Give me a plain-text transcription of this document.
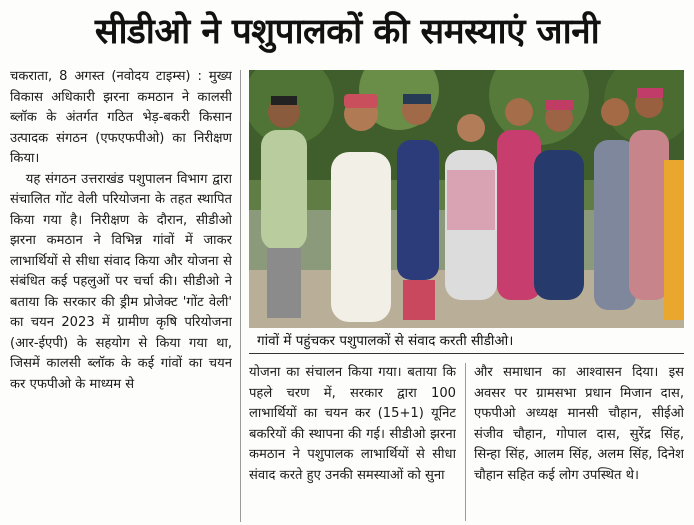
सीडीओ ने पशुपालकों की समस्याएं जानी

चकराता, 8 अगस्त (नवोदय टाइम्स) : मुख्य विकास अधिकारी झरना कमठान ने कालसी ब्लॉक के अंतर्गत गठित भेड़-बकरी किसान उत्पादक संगठन (एफएफपीओ) का निरीक्षण किया।

यह संगठन उत्तराखंड पशुपालन विभाग द्वारा संचालित गोंट वेली परियोजना के तहत स्थापित किया गया है। निरीक्षण के दौरान, सीडीओ झरना कमठान ने विभिन्न गांवों में जाकर लाभार्थियों से सीधा संवाद किया और योजना से संबंधित कई पहलुओं पर चर्चा की। सीडीओ ने बताया कि सरकार की ड्रीम प्रोजेक्ट 'गोंट वेली' का चयन 2023 में ग्रामीण कृषि परियोजना (आर-ईएपी) के सहयोग से किया गया था, जिसमें कालसी ब्लॉक के कई गांवों का चयन कर एफपीओ के माध्यम से

गांवों में पहुंचकर पशुपालकों से संवाद करती सीडीओ।

योजना का संचालन किया गया। बताया कि पहले चरण में, सरकार द्वारा 100 लाभार्थियों का चयन कर (15+1) यूनिट बकरियों की स्थापना की गई। सीडीओ झरना कमठान ने पशुपालक लाभार्थियों से सीधा संवाद करते हुए उनकी समस्याओं को सुना

और समाधान का आश्वासन दिया। इस अवसर पर ग्रामसभा प्रधान मिजान दास, एफपीओ अध्यक्ष मानसी चौहान, सीईओ संजीव चौहान, गोपाल दास, सुरेंद्र सिंह, सिन्हा सिंह, आलम सिंह, अलम सिंह, दिनेश चौहान सहित कई लोग उपस्थित थे।
